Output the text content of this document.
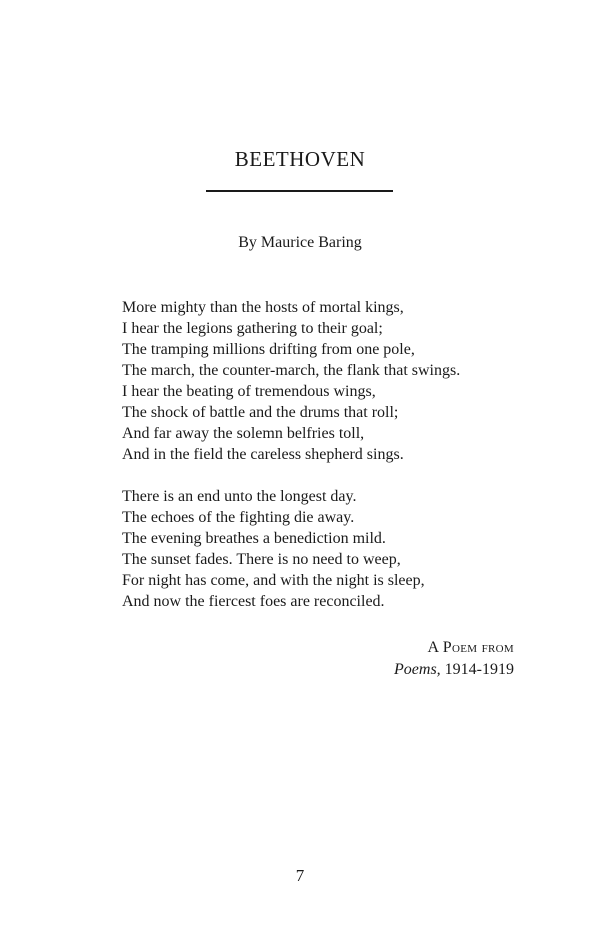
BEETHOVEN
By Maurice Baring
More mighty than the hosts of mortal kings,
I hear the legions gathering to their goal;
The tramping millions drifting from one pole,
The march, the counter-march, the flank that swings.
I hear the beating of tremendous wings,
The shock of battle and the drums that roll;
And far away the solemn belfries toll,
And in the field the careless shepherd sings.
There is an end unto the longest day.
The echoes of the fighting die away.
The evening breathes a benediction mild.
The sunset fades. There is no need to weep,
For night has come, and with the night is sleep,
And now the fiercest foes are reconciled.
A Poem from
Poems, 1914-1919
7
